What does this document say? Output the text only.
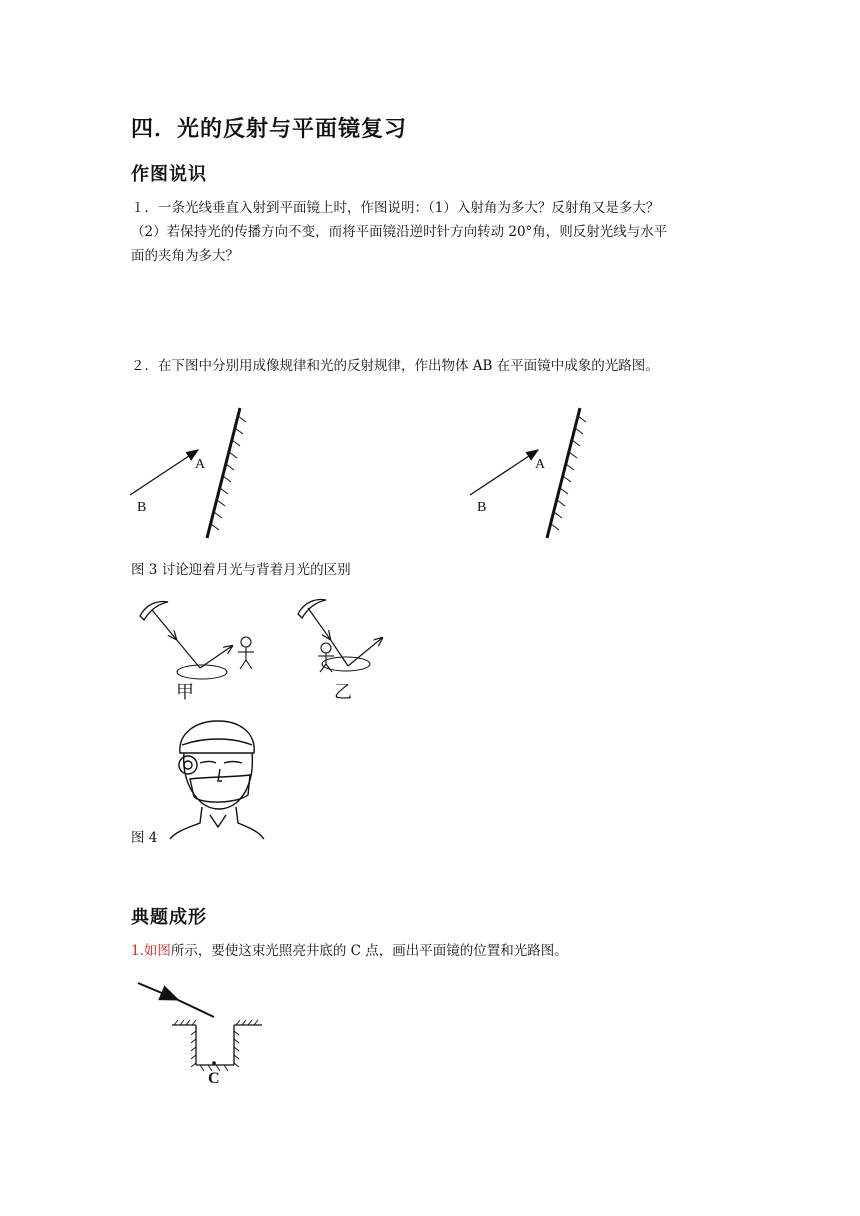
四．光的反射与平面镜复习
作图说识
１．一条光线垂直入射到平面镜上时，作图说明：（1）入射角为多大？反射角又是多大？
（2）若保持光的传播方向不变，而将平面镜沿逆时针方向转动 20°角，则反射光线与水平
面的夹角为多大？
２．在下图中分别用成像规律和光的反射规律，作出物体 AB 在平面镜中成象的光路图。
A
B
A
B
图 3 讨论迎着月光与背着月光的区别
甲	乙
图 4
典题成形
1.如图所示，要使这束光照亮井底的 C 点，画出平面镜的位置和光路图。
C
